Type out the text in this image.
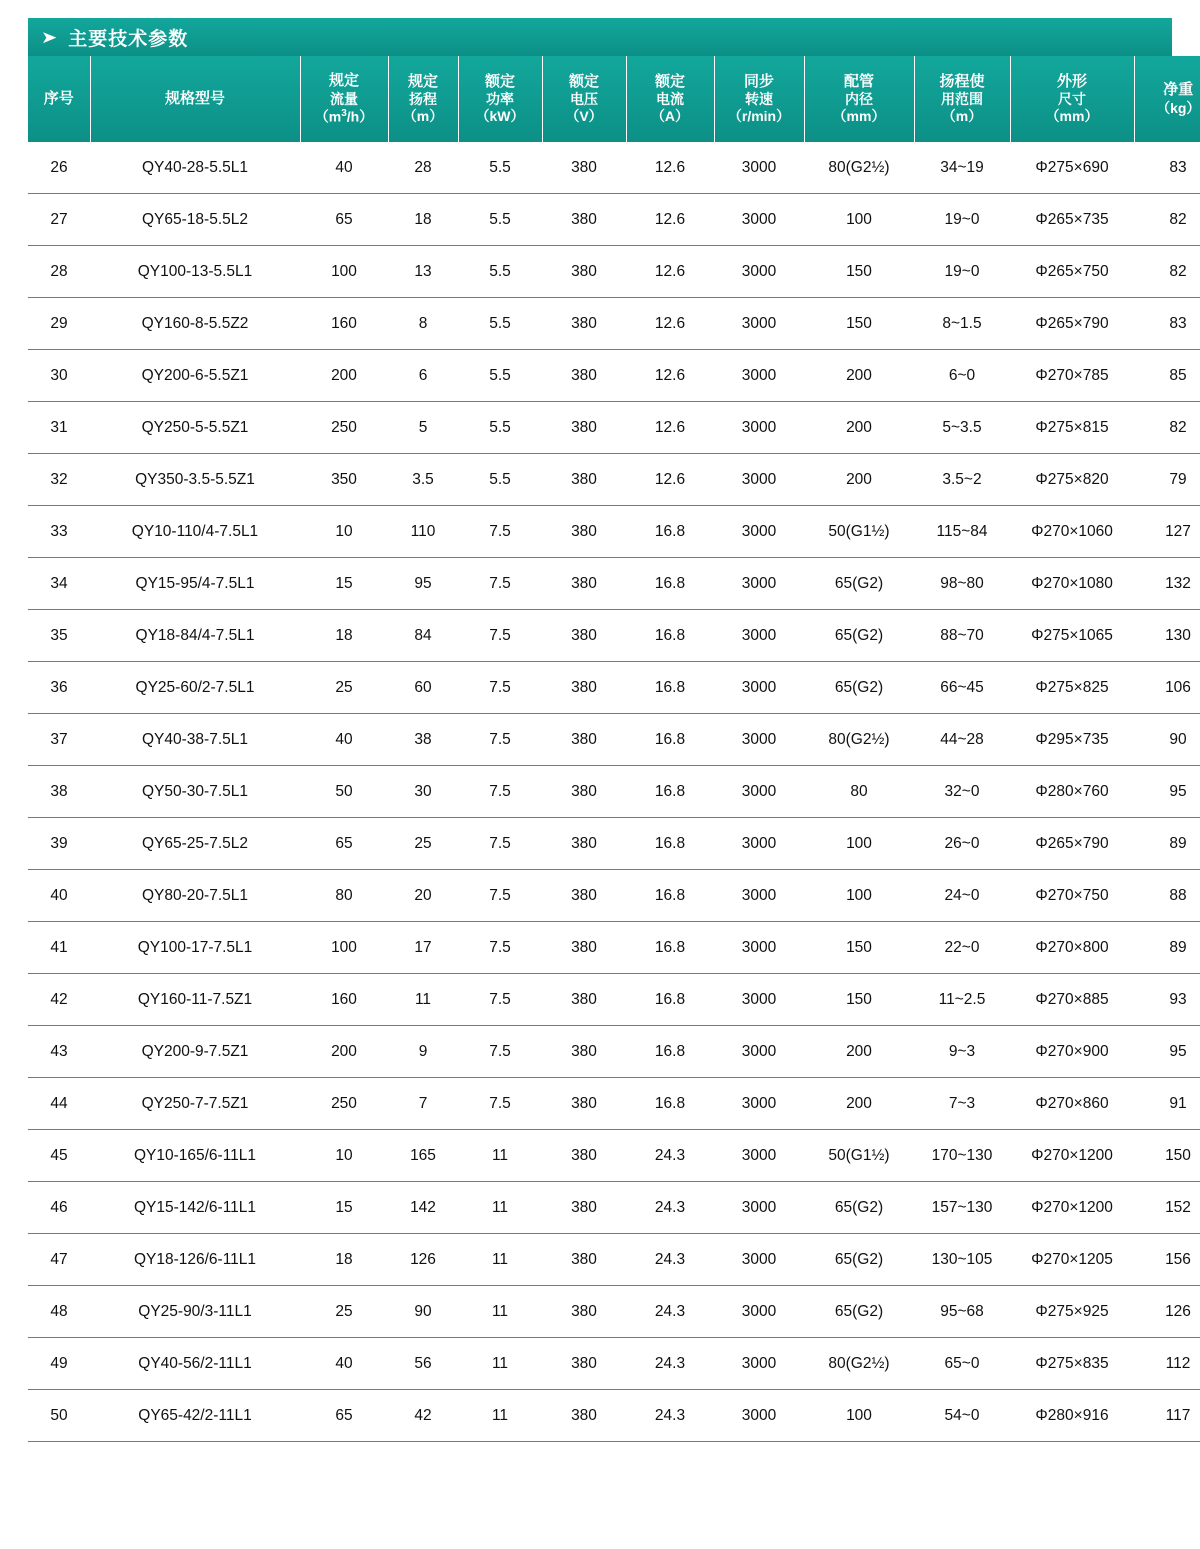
➤ 主要技术参数
序号	规格型号	规定
流量
$(m^3/h)$	规定
扬程
（m）	额定
功率
（kW）	额定
电压
（V）	额定
电流
（A）	同步
转速
（r/min）	配管
内径
（mm）	扬程使
用范围
（m）	外形
尺寸
（mm）	净重
（kg）

26	QY40-28-5.5L1	40	28	5.5	380	12.6	3000	80(G2½)	34~19	Φ275×690	83
27	QY65-18-5.5L2	65	18	5.5	380	12.6	3000	100	19~0	Φ265×735	82
28	QY100-13-5.5L1	100	13	5.5	380	12.6	3000	150	19~0	Φ265×750	82
29	QY160-8-5.5Z2	160	8	5.5	380	12.6	3000	150	8~1.5	Φ265×790	83
30	QY200-6-5.5Z1	200	6	5.5	380	12.6	3000	200	6~0	Φ270×785	85
31	QY250-5-5.5Z1	250	5	5.5	380	12.6	3000	200	5~3.5	Φ275×815	82
32	QY350-3.5-5.5Z1	350	3.5	5.5	380	12.6	3000	200	3.5~2	Φ275×820	79
33	QY10-110/4-7.5L1	10	110	7.5	380	16.8	3000	50(G1½)	115~84	Φ270×1060	127
34	QY15-95/4-7.5L1	15	95	7.5	380	16.8	3000	65(G2)	98~80	Φ270×1080	132
35	QY18-84/4-7.5L1	18	84	7.5	380	16.8	3000	65(G2)	88~70	Φ275×1065	130
36	QY25-60/2-7.5L1	25	60	7.5	380	16.8	3000	65(G2)	66~45	Φ275×825	106
37	QY40-38-7.5L1	40	38	7.5	380	16.8	3000	80(G2½)	44~28	Φ295×735	90
38	QY50-30-7.5L1	50	30	7.5	380	16.8	3000	80	32~0	Φ280×760	95
39	QY65-25-7.5L2	65	25	7.5	380	16.8	3000	100	26~0	Φ265×790	89
40	QY80-20-7.5L1	80	20	7.5	380	16.8	3000	100	24~0	Φ270×750	88
41	QY100-17-7.5L1	100	17	7.5	380	16.8	3000	150	22~0	Φ270×800	89
42	QY160-11-7.5Z1	160	11	7.5	380	16.8	3000	150	11~2.5	Φ270×885	93
43	QY200-9-7.5Z1	200	9	7.5	380	16.8	3000	200	9~3	Φ270×900	95
44	QY250-7-7.5Z1	250	7	7.5	380	16.8	3000	200	7~3	Φ270×860	91
45	QY10-165/6-11L1	10	165	11	380	24.3	3000	50(G1½)	170~130	Φ270×1200	150
46	QY15-142/6-11L1	15	142	11	380	24.3	3000	65(G2)	157~130	Φ270×1200	152
47	QY18-126/6-11L1	18	126	11	380	24.3	3000	65(G2)	130~105	Φ270×1205	156
48	QY25-90/3-11L1	25	90	11	380	24.3	3000	65(G2)	95~68	Φ275×925	126
49	QY40-56/2-11L1	40	56	11	380	24.3	3000	80(G2½)	65~0	Φ275×835	112
50	QY65-42/2-11L1	65	42	11	380	24.3	3000	100	54~0	Φ280×916	117
